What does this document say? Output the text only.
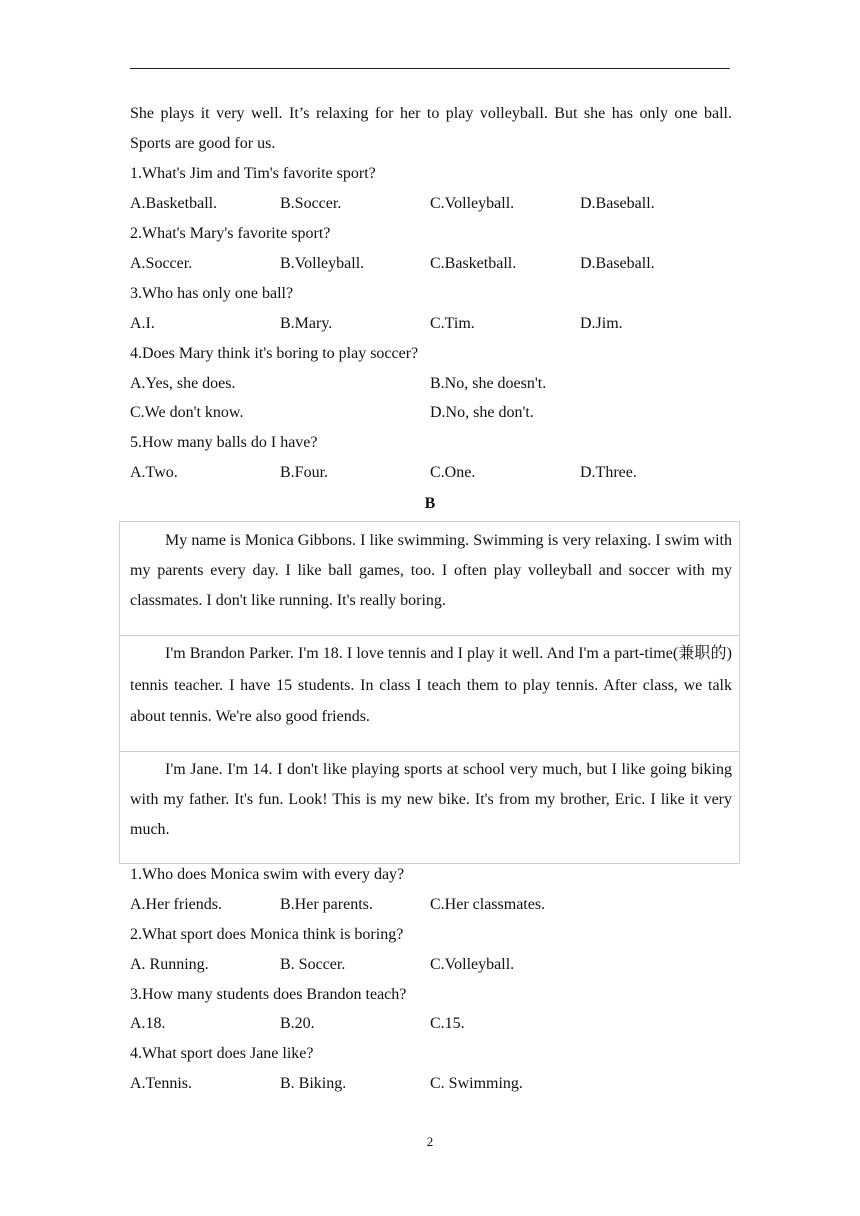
She plays it very well. It’s relaxing for her to play volleyball. But she has only one ball. Sports are good for us.

1.What's Jim and Tim's favorite sport?
A.Basketball.	B.Soccer.	C.Volleyball.	D.Baseball.
2.What's Mary's favorite sport?
A.Soccer.	B.Volleyball.	C.Basketball.	D.Baseball.
3.Who has only one ball?
A.I.	B.Mary.	C.Tim.	D.Jim.
4.Does Mary think it's boring to play soccer?
A.Yes, she does.	B.No, she doesn't.
C.We don't know.	D.No, she don't.
5.How many balls do I have?
A.Two.	B.Four.	C.One.	D.Three.
B

My name is Monica Gibbons. I like swimming. Swimming is very relaxing. I swim with my parents every day. I like ball games, too. I often play volleyball and soccer with my classmates. I don't like running. It's really boring.

I'm Brandon Parker. I'm 18. I love tennis and I play it well. And I'm a part-time(兼职的) tennis teacher. I have 15 students. In class I teach them to play tennis. After class, we talk about tennis. We're also good friends.

I'm Jane. I'm 14. I don't like playing sports at school very much, but I like going biking with my father. It's fun. Look! This is my new bike. It's from my brother, Eric. I like it very much.

1.Who does Monica swim with every day?
A.Her friends.	B.Her parents.	C.Her classmates.
2.What sport does Monica think is boring?
A. Running.	B. Soccer.	C.Volleyball.
3.How many students does Brandon teach?
A.18.	B.20.	C.15.
4.What sport does Jane like?
A.Tennis.	B. Biking.	C. Swimming.
2
